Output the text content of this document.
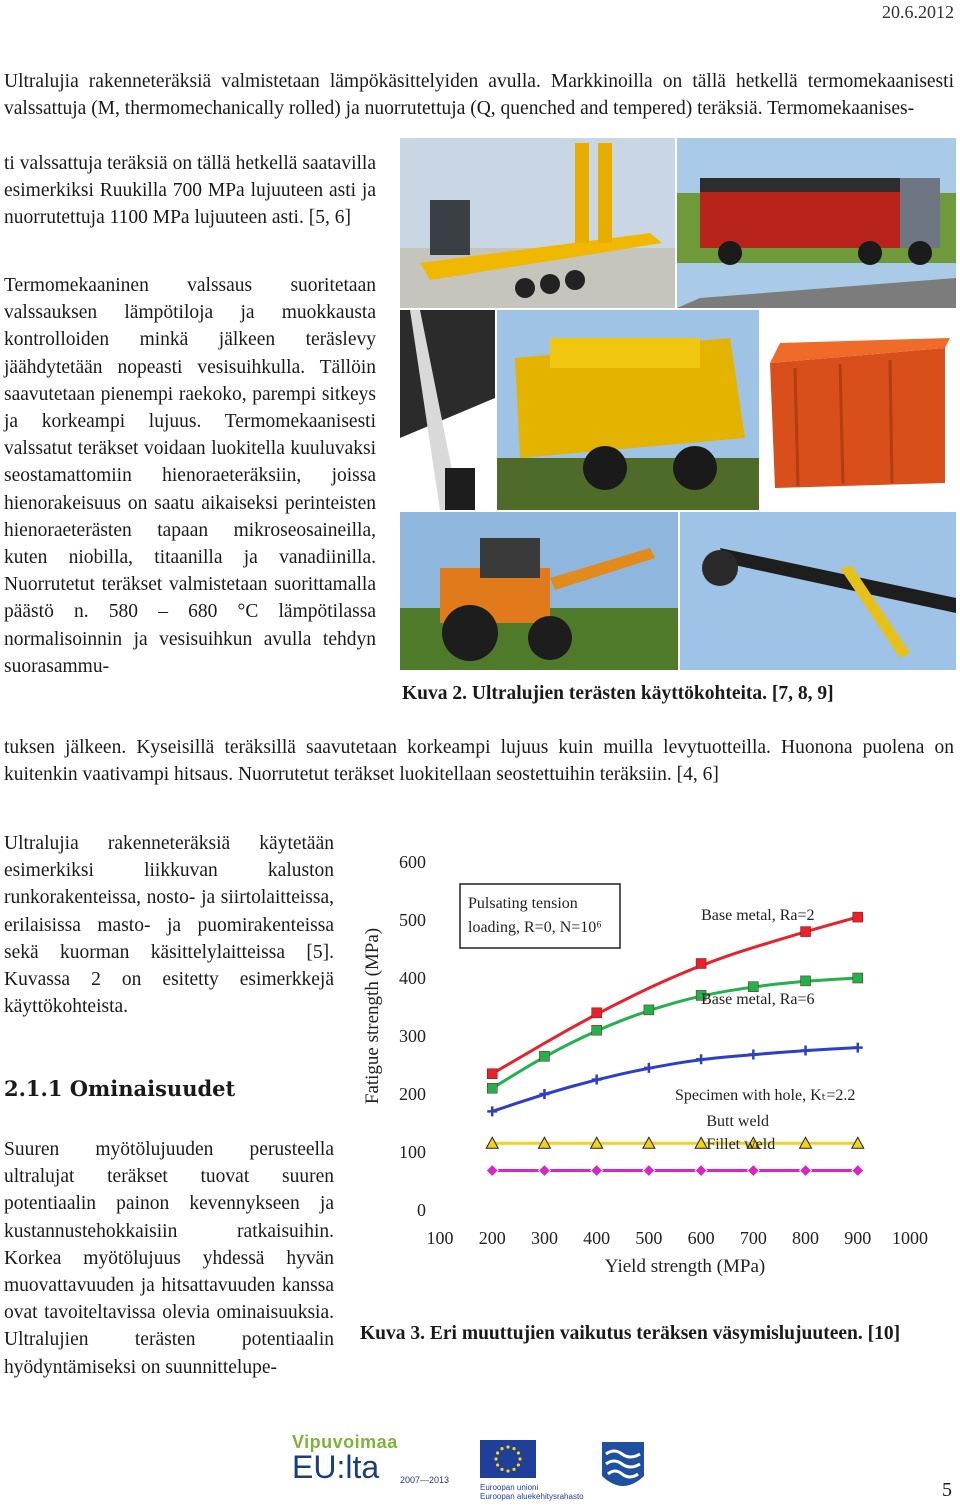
20.6.2012

Ultralujia rakenneteräksiä valmistetaan lämpökäsittelyiden avulla. Markkinoilla on tällä hetkellä termomekaanisesti valssattuja (M, thermomechanically rolled) ja nuorrutettuja (Q, quenched and tempered) teräksiä. Termomekaanises-

ti valssattuja teräksiä on tällä hetkellä saatavilla esimerkiksi Ruukilla 700 MPa lujuuteen asti ja nuorrutettuja 1100 MPa lujuuteen asti. [5, 6]

Termomekaaninen valssaus suoritetaan valssauksen lämpötiloja ja muokkausta kontrolloiden minkä jälkeen teräslevy jäähdytetään nopeasti vesisuihkulla. Tällöin saavutetaan pienempi raekoko, parempi sitkeys ja korkeampi lujuus. Termomekaanisesti valssatut teräkset voidaan luokitella kuuluvaksi seostamattomiin hienoraeteräksiin, joissa hienorakeisuus on saatu aikaiseksi perinteisten hienoraeterästen tapaan mikroseosaineilla, kuten niobilla, titaanilla ja vanadiinilla. Nuorrutetut teräkset valmistetaan suorittamalla päästö n. 580 – 680 °C lämpötilassa normalisoinnin ja vesisuihkun avulla tehdyn suorasammu-

Kuva 2. Ultralujien terästen käyttökohteita. [7, 8, 9]

tuksen jälkeen. Kyseisillä teräksillä saavutetaan korkeampi lujuus kuin muilla levytuotteilla. Huonona puolena on kuitenkin vaativampi hitsaus. Nuorrutetut teräkset luokitellaan seostettuihin teräksiin. [4, 6]

Ultralujia rakenneteräksiä käytetään esimerkiksi liikkuvan kaluston runkorakenteissa, nosto- ja siirtolaitteissa, erilaisissa masto- ja puomirakenteissa sekä kuorman käsittelylaitteissa [5]. Kuvassa 2 on esitetty esimerkkejä käyttökohteista.

2.1.1 Ominaisuudet

Suuren myötölujuuden perusteella ultralujat teräkset tuovat suuren potentiaalin painon kevennykseen ja kustannustehokkaisiin ratkaisuihin. Korkea myötölujuus yhdessä hyvän muovattavuuden ja hitsattavuuden kanssa ovat tavoiteltavissa olevia ominaisuuksia. Ultralujien terästen potentiaalin hyödyntämiseksi on suunnittelupe-

0
100
200
300
400
500
600
100 200 300 400 500 600 700 800 900 1000
Yield strength (MPa)
Fatigue strength (MPa)
Pulsating tension
loading, R=0, N=10⁶
Base metal, Ra=2
Base metal, Ra=6
Specimen with hole, Kₜ=2.2
Butt weld
Fillet weld
Kuva 3. Eri muuttujien vaikutus teräksen väsymislujuuteen. [10]
Vipuvoimaa
EU:lta	2007—2013
Euroopan unioni
Euroopan aluekehitysrahasto	5
